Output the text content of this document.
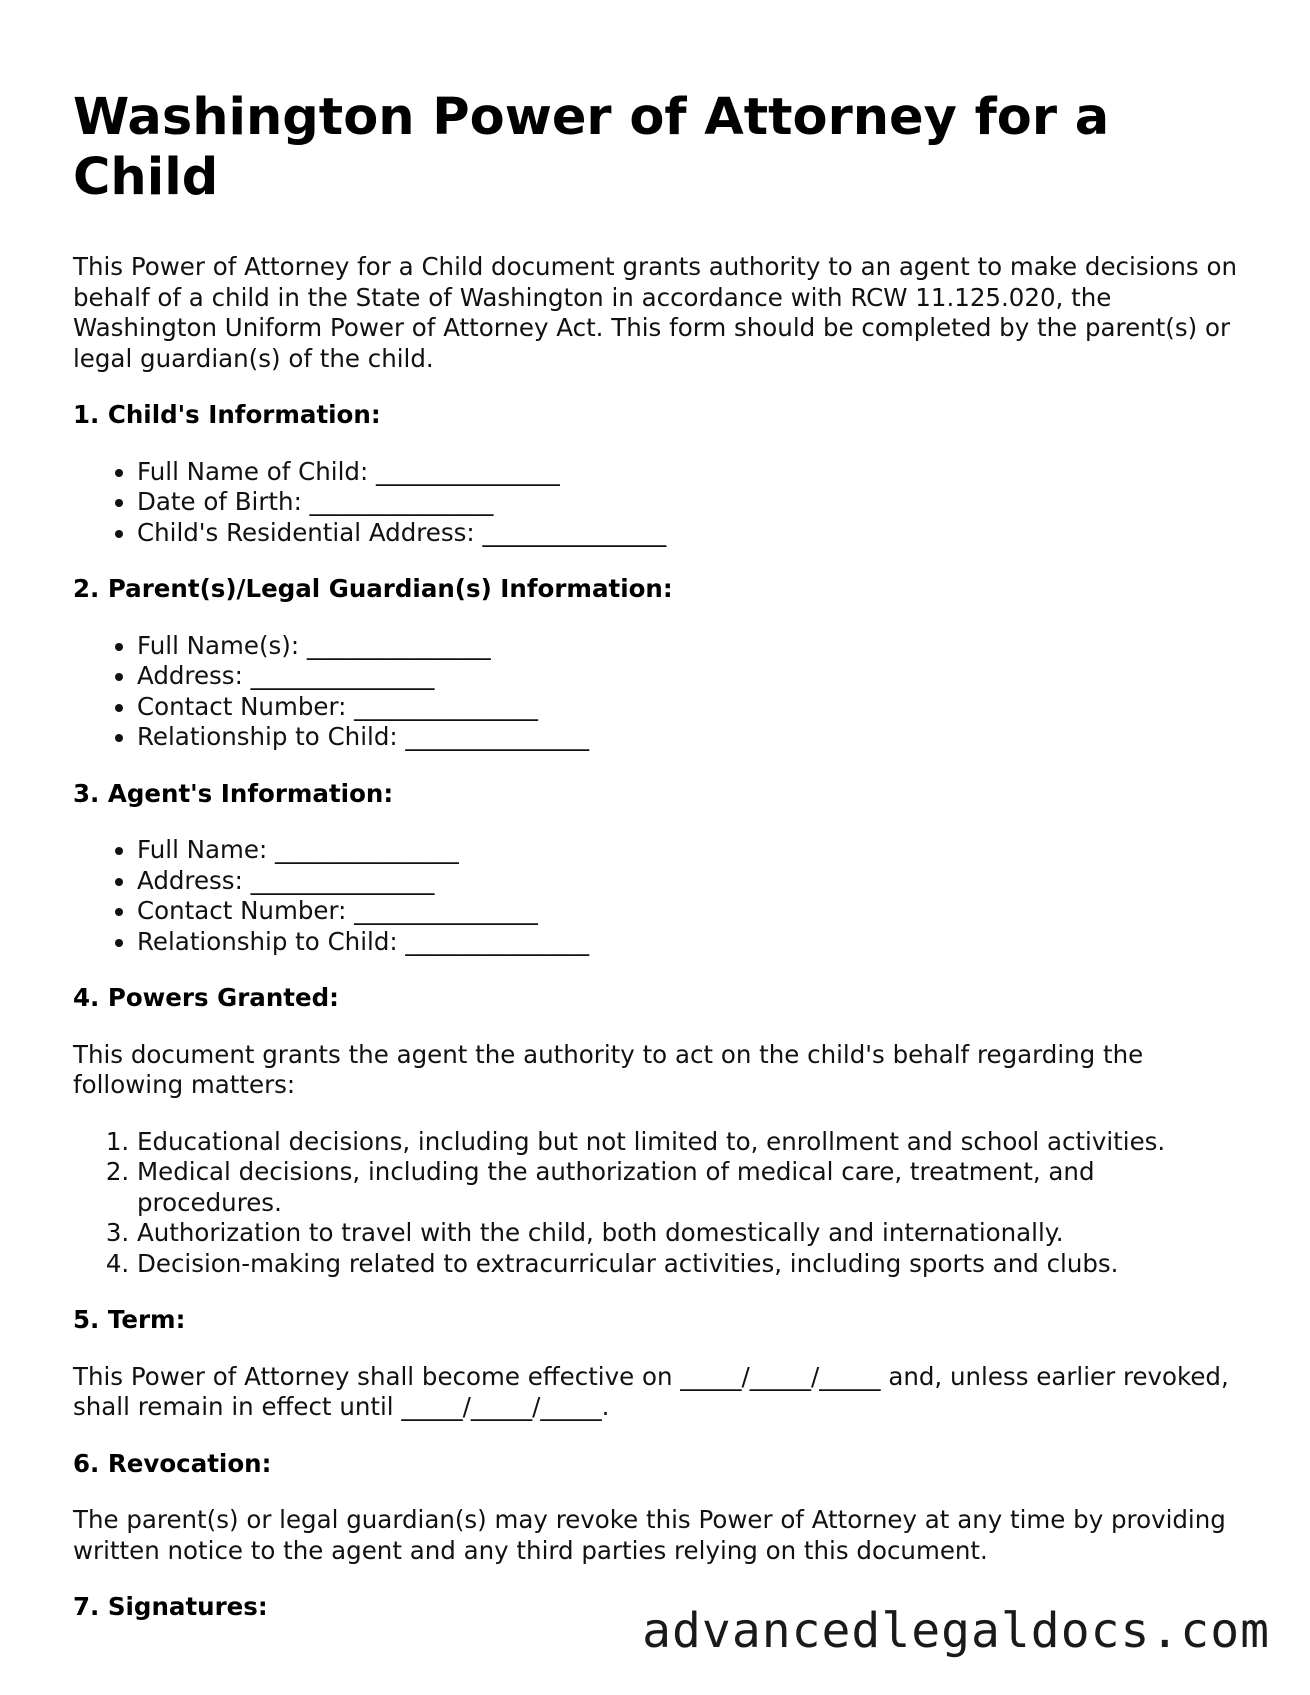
Washington Power of Attorney for a Child

This Power of Attorney for a Child document grants authority to an agent to make decisions on behalf of a child in the State of Washington in accordance with RCW 11.125.020, the Washington Uniform Power of Attorney Act. This form should be completed by the parent(s) or legal guardian(s) of the child.

1. Child's Information:
• Full Name of Child: _______________
• Date of Birth: _______________
• Child's Residential Address: _______________
2. Parent(s)/Legal Guardian(s) Information:
• Full Name(s): _______________
• Address: _______________
• Contact Number: _______________
• Relationship to Child: _______________
3. Agent's Information:
• Full Name: _______________
• Address: _______________
• Contact Number: _______________
• Relationship to Child: _______________
4. Powers Granted:

This document grants the agent the authority to act on the child's behalf regarding the following matters:

1. Educational decisions, including but not limited to, enrollment and school activities.
2. Medical decisions, including the authorization of medical care, treatment, and procedures.
3. Authorization to travel with the child, both domestically and internationally.
4. Decision-making related to extracurricular activities, including sports and clubs.
5. Term:

This Power of Attorney shall become effective on _____/_____/_____ and, unless earlier revoked, shall remain in effect until _____/_____/_____.

6. Revocation:

The parent(s) or legal guardian(s) may revoke this Power of Attorney at any time by providing written notice to the agent and any third parties relying on this document.

7. Signatures:	advancedlegaldocs.com
